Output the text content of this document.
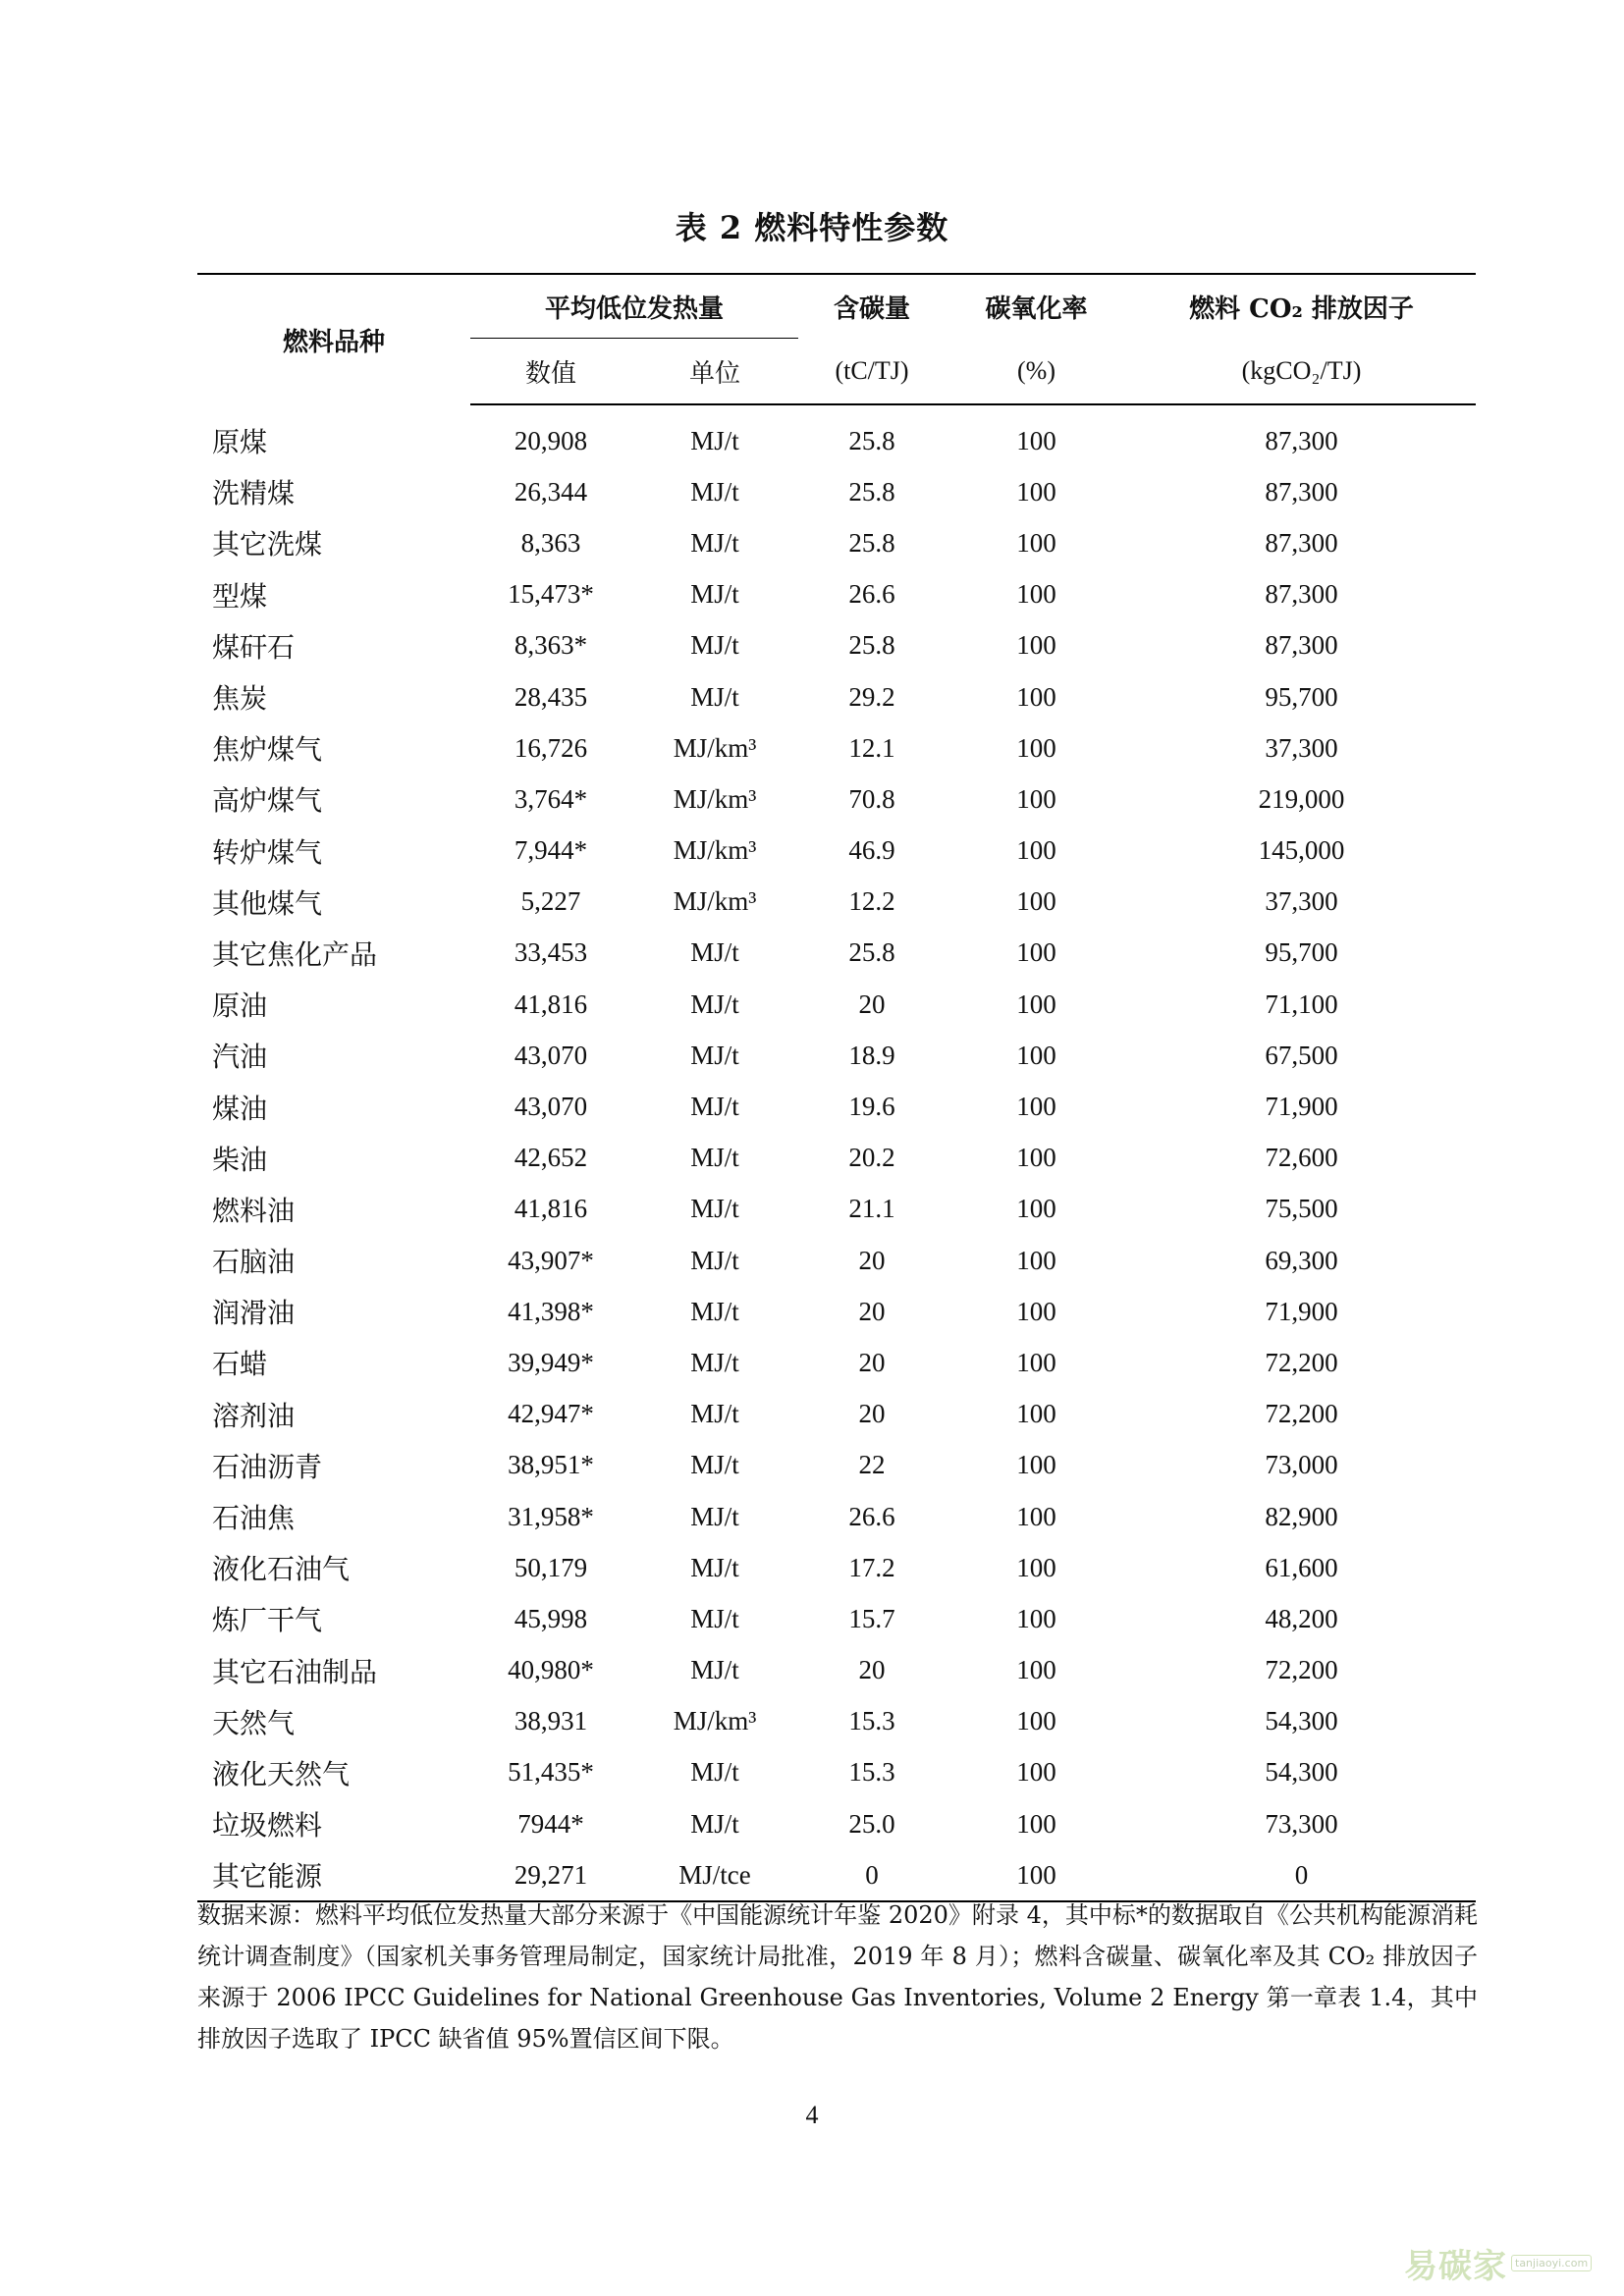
表 2 燃料特性参数
燃料品种	平均低位发热量		含碳量	碳氧化率	燃料 CO₂ 排放因子
	数值	单位	(tC/TJ)	(%)	(kgCO₂/TJ)
原煤	20,908	MJ/t	25.8	100	87,300
洗精煤	26,344	MJ/t	25.8	100	87,300
其它洗煤	8,363	MJ/t	25.8	100	87,300
型煤	15,473*	MJ/t	26.6	100	87,300
煤矸石	8,363*	MJ/t	25.8	100	87,300
焦炭	28,435	MJ/t	29.2	100	95,700
焦炉煤气	16,726	MJ/km³	12.1	100	37,300
高炉煤气	3,764*	MJ/km³	70.8	100	219,000
转炉煤气	7,944*	MJ/km³	46.9	100	145,000
其他煤气	5,227	MJ/km³	12.2	100	37,300
其它焦化产品	33,453	MJ/t	25.8	100	95,700
原油	41,816	MJ/t	20	100	71,100
汽油	43,070	MJ/t	18.9	100	67,500
煤油	43,070	MJ/t	19.6	100	71,900
柴油	42,652	MJ/t	20.2	100	72,600
燃料油	41,816	MJ/t	21.1	100	75,500
石脑油	43,907*	MJ/t	20	100	69,300
润滑油	41,398*	MJ/t	20	100	71,900
石蜡	39,949*	MJ/t	20	100	72,200
溶剂油	42,947*	MJ/t	20	100	72,200
石油沥青	38,951*	MJ/t	22	100	73,000
石油焦	31,958*	MJ/t	26.6	100	82,900
液化石油气	50,179	MJ/t	17.2	100	61,600
炼厂干气	45,998	MJ/t	15.7	100	48,200
其它石油制品	40,980*	MJ/t	20	100	72,200
天然气	38,931	MJ/km³	15.3	100	54,300
液化天然气	51,435*	MJ/t	15.3	100	54,300
垃圾燃料	7944*	MJ/t	25.0	100	73,300
其它能源	29,271	MJ/tce	0	100	0
数据来源：燃料平均低位发热量大部分来源于《中国能源统计年鉴 2020》附录 4，其中标*的数据取自《公共机构能源消耗统计调查制度》（国家机关事务管理局制定，国家统计局批准，2019 年 8 月）；燃料含碳量、碳氧化率及其 CO₂ 排放因子来源于 2006 IPCC Guidelines for National Greenhouse Gas Inventories, Volume 2 Energy 第一章表 1.4，其中排放因子选取了 IPCC 缺省值 95%置信区间下限。
4
易碳家 tanjiaoyi.com
